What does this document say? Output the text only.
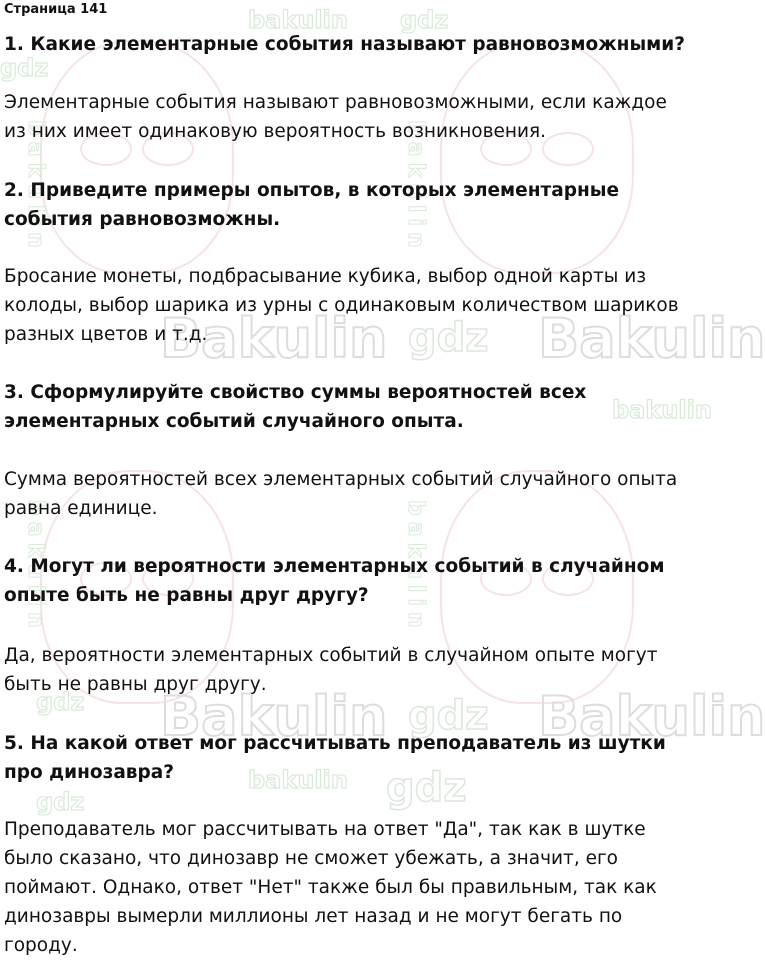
bakulin gdz
gdz
Bakulin gdz Bakulin
bakulin
Bakulin gdz Bakulin
gdz
bakulin gdz
gdz
bakulin	bakulin
bakulin	bakulin
Страница 141
1. Какие элементарные события называют равновозможными?
Элементарные события называют равновозможными, если каждое из них имеет одинаковую вероятность возникновения.
2. Приведите примеры опытов, в которых элементарные события равновозможны.
Бросание монеты, подбрасывание кубика, выбор одной карты из колоды, выбор шарика из урны с одинаковым количеством шариков разных цветов и т.д.
3. Сформулируйте свойство суммы вероятностей всех элементарных событий случайного опыта.
Сумма вероятностей всех элементарных событий случайного опыта равна единице.
4. Могут ли вероятности элементарных событий в случайном опыте быть не равны друг другу?
Да, вероятности элементарных событий в случайном опыте могут быть не равны друг другу.
5. На какой ответ мог рассчитывать преподаватель из шутки про динозавра?
Преподаватель мог рассчитывать на ответ "Да", так как в шутке было сказано, что динозавр не сможет убежать, а значит, его поймают. Однако, ответ "Нет" также был бы правильным, так как динозавры вымерли миллионы лет назад и не могут бегать по городу.
